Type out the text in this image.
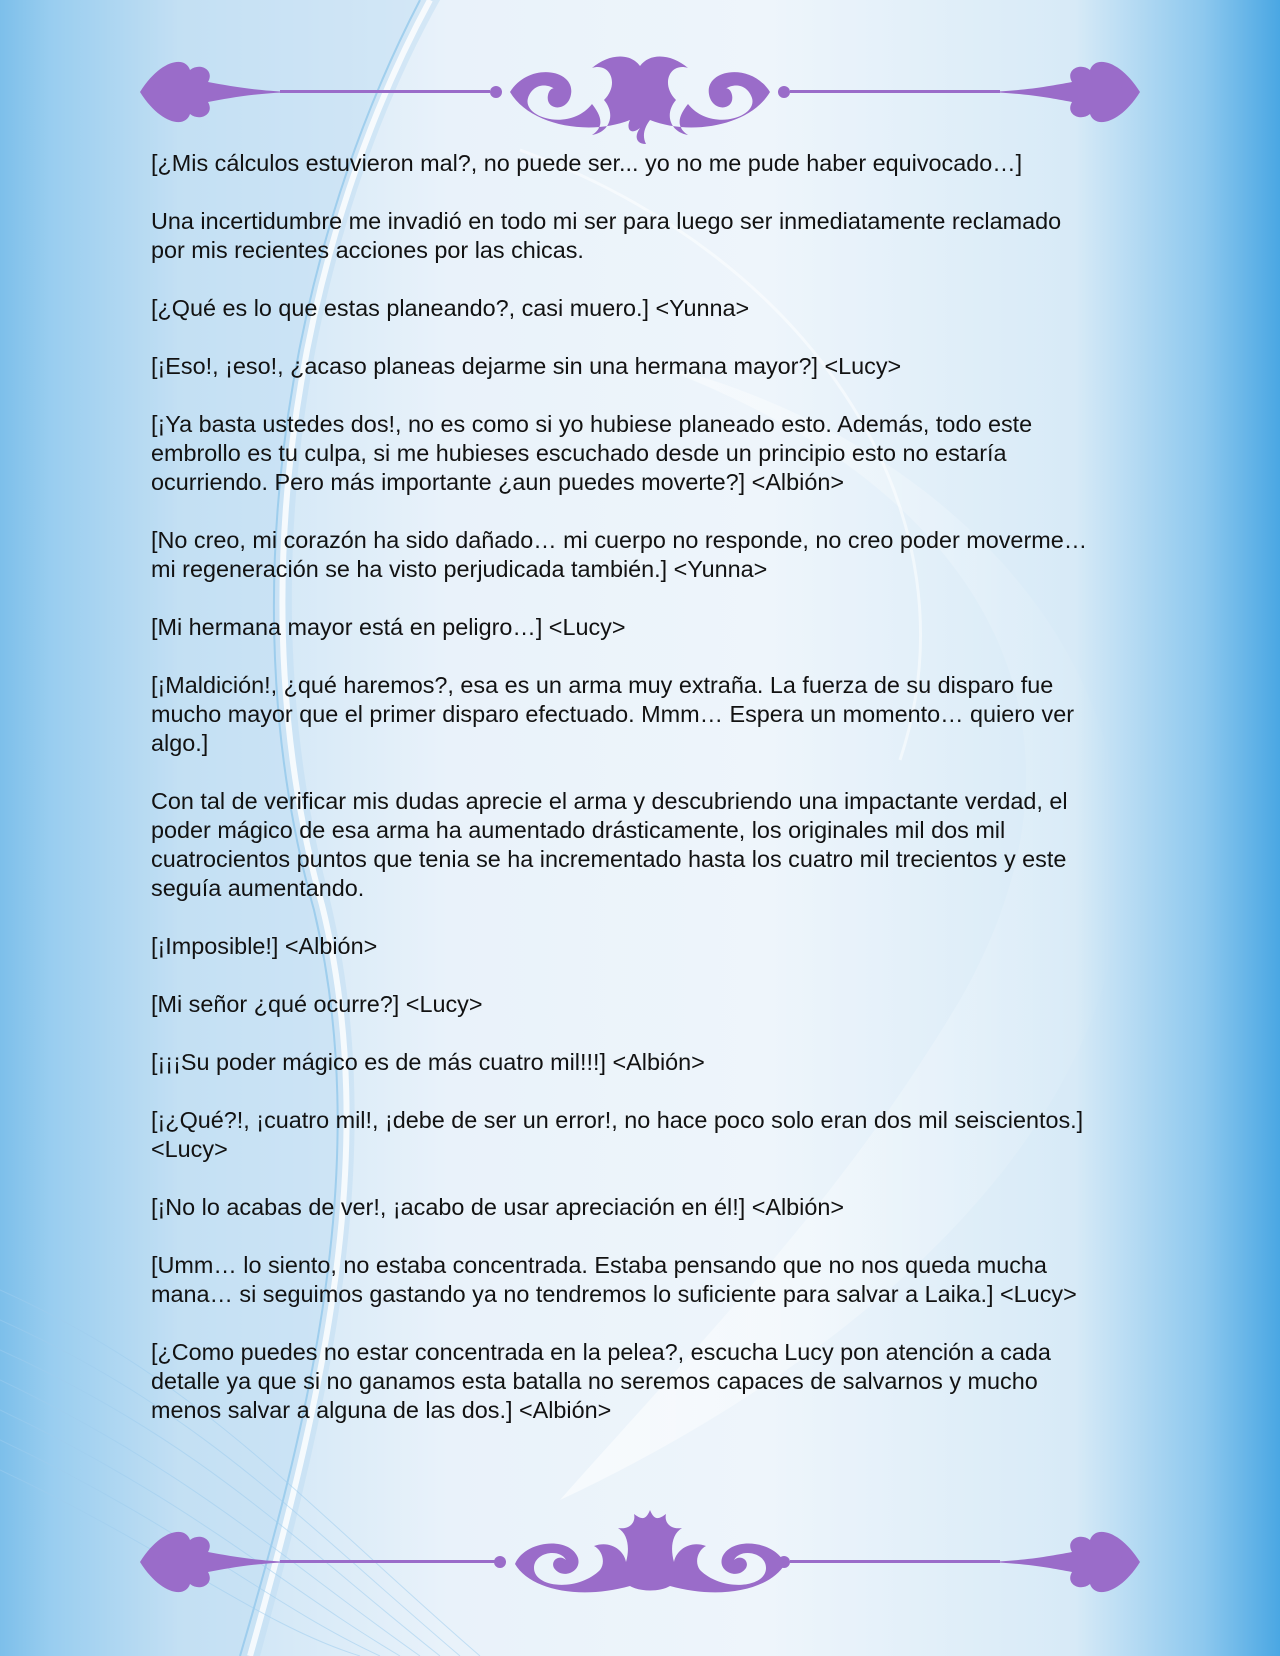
[¿Mis cálculos estuvieron mal?, no puede ser... yo no me pude haber equivocado…]

Una incertidumbre me invadió en todo mi ser para luego ser inmediatamente reclamado por mis recientes acciones por las chicas.

[¿Qué es lo que estas planeando?, casi muero.] <Yunna>

[¡Eso!, ¡eso!, ¿acaso planeas dejarme sin una hermana mayor?] <Lucy>

[¡Ya basta ustedes dos!, no es como si yo hubiese planeado esto. Además, todo este embrollo es tu culpa, si me hubieses escuchado desde un principio esto no estaría ocurriendo. Pero más importante ¿aun puedes moverte?] <Albión>

[No creo, mi corazón ha sido dañado… mi cuerpo no responde, no creo poder moverme… mi regeneración se ha visto perjudicada también.] <Yunna>

[Mi hermana mayor está en peligro…] <Lucy>

[¡Maldición!, ¿qué haremos?, esa es un arma muy extraña. La fuerza de su disparo fue mucho mayor que el primer disparo efectuado. Mmm… Espera un momento… quiero ver algo.]

Con tal de verificar mis dudas aprecie el arma y descubriendo una impactante verdad, el poder mágico de esa arma ha aumentado drásticamente, los originales mil dos mil cuatrocientos puntos que tenia se ha incrementado hasta los cuatro mil trecientos y este seguía aumentando.

[¡Imposible!] <Albión>

[Mi señor ¿qué ocurre?] <Lucy>

[¡¡¡Su poder mágico es de más cuatro mil!!!] <Albión>

[¡¿Qué?!, ¡cuatro mil!, ¡debe de ser un error!, no hace poco solo eran dos mil seiscientos.] <Lucy>

[¡No lo acabas de ver!, ¡acabo de usar apreciación en él!] <Albión>

[Umm… lo siento, no estaba concentrada. Estaba pensando que no nos queda mucha mana… si seguimos gastando ya no tendremos lo suficiente para salvar a Laika.] <Lucy>

[¿Como puedes no estar concentrada en la pelea?, escucha Lucy pon atención a cada detalle ya que si no ganamos esta batalla no seremos capaces de salvarnos y mucho menos salvar a alguna de las dos.] <Albión>
